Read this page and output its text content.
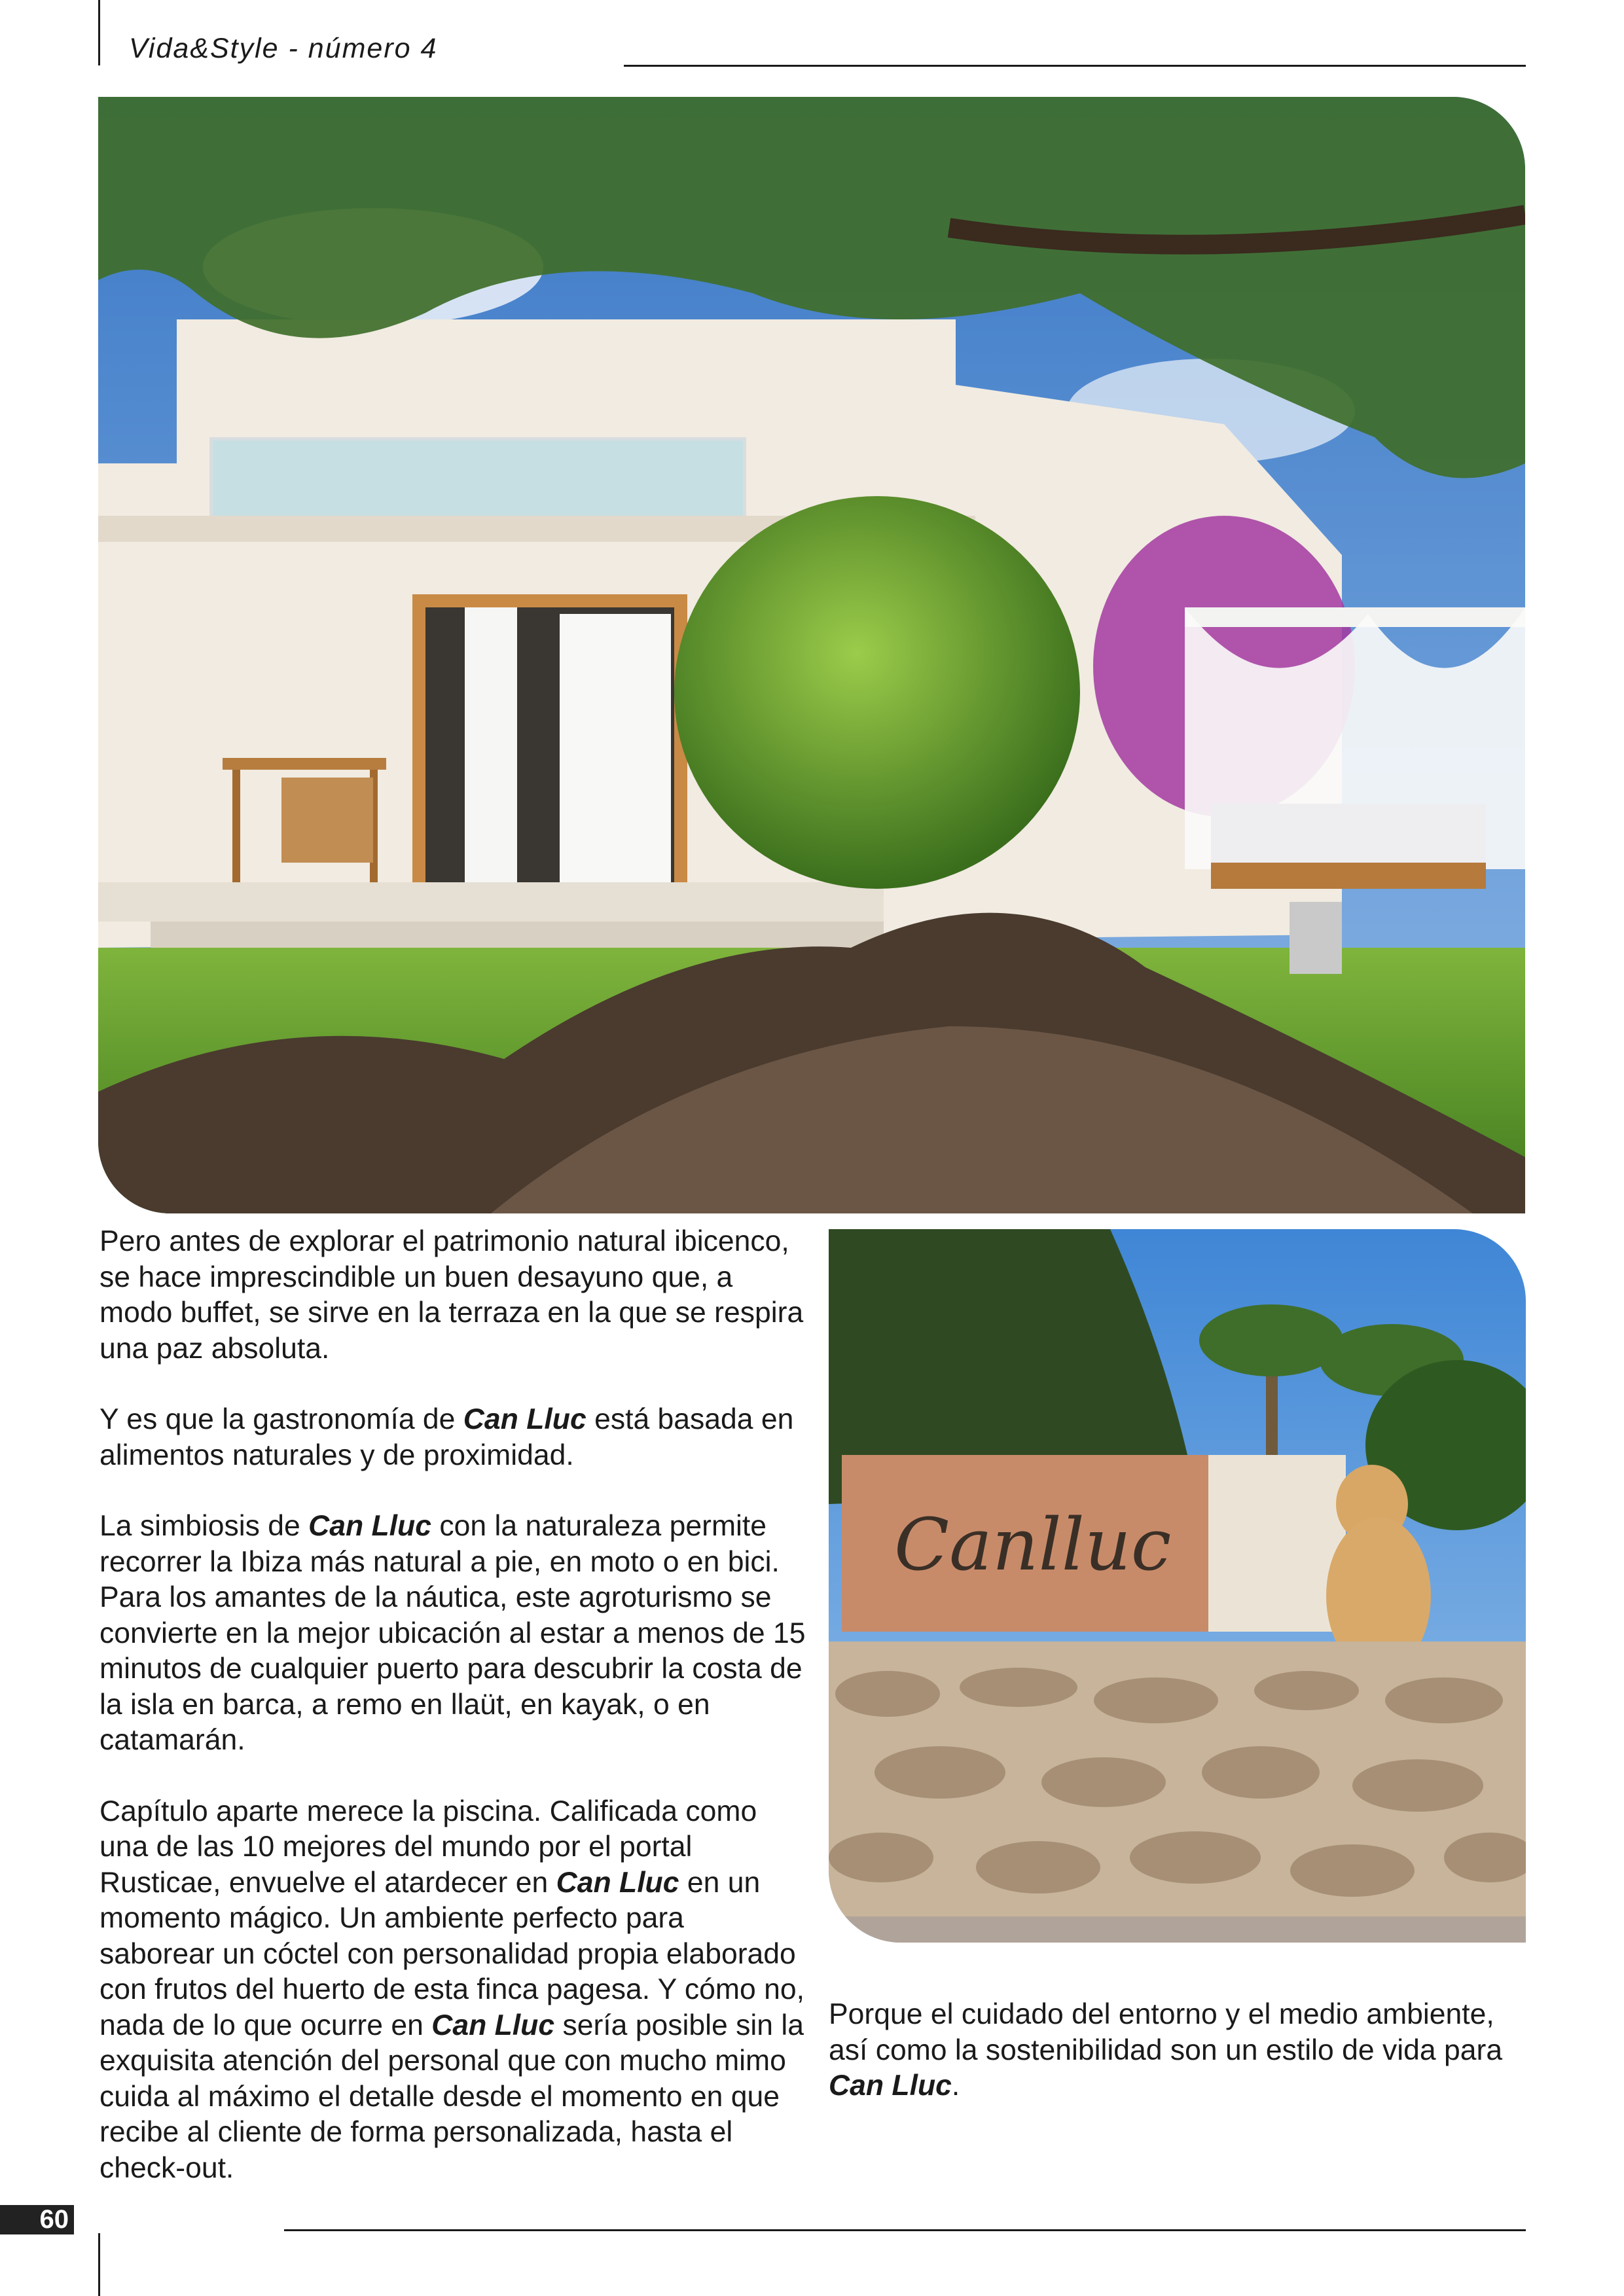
Vida&Style - número 4

Pero antes de explorar el patrimonio natural ibicenco, se hace imprescindible un buen desayuno que, a modo buffet, se sirve en la terraza en la que se respira una paz absoluta.

Y es que la gastronomía de Can Lluc está basada en alimentos naturales y de proximidad.

La simbiosis de Can Lluc con la naturaleza permite recorrer la Ibiza más natural a pie, en moto o en bici. Para los amantes de la náutica, este agroturismo se convierte en la mejor ubicación al estar a menos de 15 minutos de cualquier puerto para descubrir la costa de la isla en barca, a remo en llaüt, en kayak, o en catamarán.

Capítulo aparte merece la piscina. Calificada como una de las 10 mejores del mundo por el portal Rusticae, envuelve el atardecer en Can Lluc en un momento mágico. Un ambiente perfecto para saborear un cóctel con personalidad propia elaborado con frutos del huerto de esta finca pagesa. Y cómo no, nada de lo que ocurre en Can Lluc sería posible sin la exquisita atención del personal que con mucho mimo cuida al máximo el detalle desde el momento en que recibe al cliente de forma personalizada, hasta el check-out.

Canlluc

Porque el cuidado del entorno y el medio ambiente, así como la sostenibilidad son un estilo de vida para Can Lluc.

60
